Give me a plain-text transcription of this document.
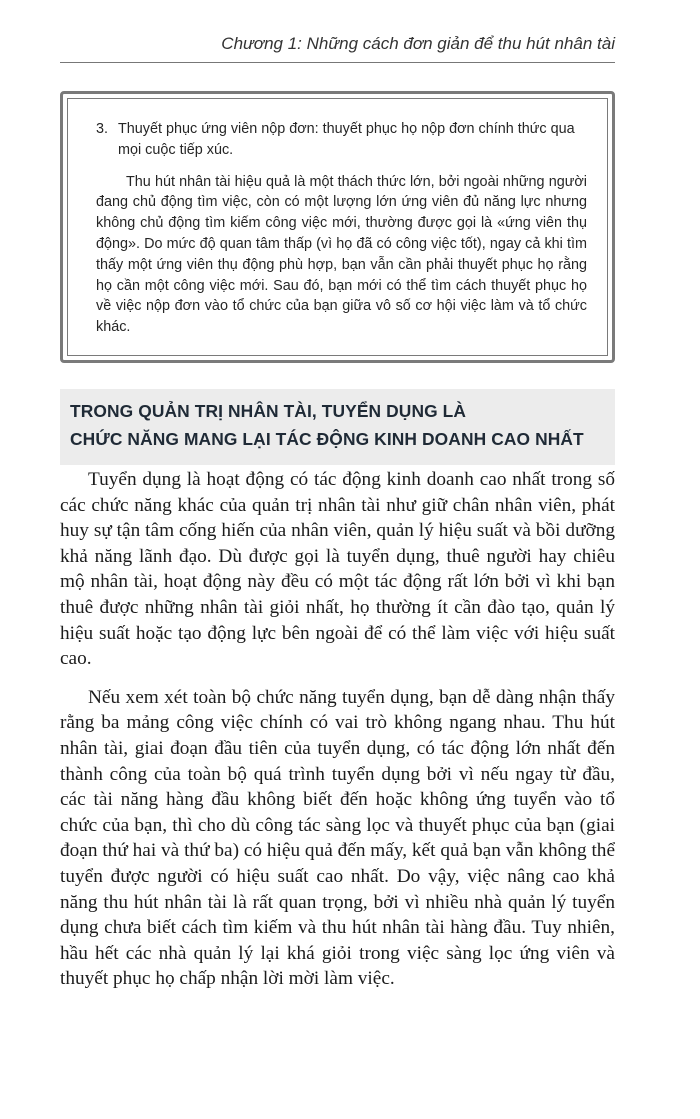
Chương 1: Những cách đơn giản để thu hút nhân tài
3. Thuyết phục ứng viên nộp đơn: thuyết phục họ nộp đơn chính thức qua mọi cuộc tiếp xúc.

Thu hút nhân tài hiệu quả là một thách thức lớn, bởi ngoài những người đang chủ động tìm việc, còn có một lượng lớn ứng viên đủ năng lực nhưng không chủ động tìm kiếm công việc mới, thường được gọi là «ứng viên thụ động». Do mức độ quan tâm thấp (vì họ đã có công việc tốt), ngay cả khi tìm thấy một ứng viên thụ động phù hợp, bạn vẫn cần phải thuyết phục họ rằng họ cần một công việc mới. Sau đó, bạn mới có thể tìm cách thuyết phục họ về việc nộp đơn vào tổ chức của bạn giữa vô số cơ hội việc làm và tổ chức khác.

TRONG QUẢN TRỊ NHÂN TÀI, TUYỂN DỤNG LÀ
CHỨC NĂNG MANG LẠI TÁC ĐỘNG KINH DOANH CAO NHẤT

Tuyển dụng là hoạt động có tác động kinh doanh cao nhất trong số các chức năng khác của quản trị nhân tài như giữ chân nhân viên, phát huy sự tận tâm cống hiến của nhân viên, quản lý hiệu suất và bồi dưỡng khả năng lãnh đạo. Dù được gọi là tuyển dụng, thuê người hay chiêu mộ nhân tài, hoạt động này đều có một tác động rất lớn bởi vì khi bạn thuê được những nhân tài giỏi nhất, họ thường ít cần đào tạo, quản lý hiệu suất hoặc tạo động lực bên ngoài để có thể làm việc với hiệu suất cao.

Nếu xem xét toàn bộ chức năng tuyển dụng, bạn dễ dàng nhận thấy rằng ba mảng công việc chính có vai trò không ngang nhau. Thu hút nhân tài, giai đoạn đầu tiên của tuyển dụng, có tác động lớn nhất đến thành công của toàn bộ quá trình tuyển dụng bởi vì nếu ngay từ đầu, các tài năng hàng đầu không biết đến hoặc không ứng tuyển vào tổ chức của bạn, thì cho dù công tác sàng lọc và thuyết phục của bạn (giai đoạn thứ hai và thứ ba) có hiệu quả đến mấy, kết quả bạn vẫn không thể tuyển được người có hiệu suất cao nhất. Do vậy, việc nâng cao khả năng thu hút nhân tài là rất quan trọng, bởi vì nhiều nhà quản lý tuyển dụng chưa biết cách tìm kiếm và thu hút nhân tài hàng đầu. Tuy nhiên, hầu hết các nhà quản lý lại khá giỏi trong việc sàng lọc ứng viên và thuyết phục họ chấp nhận lời mời làm việc.
